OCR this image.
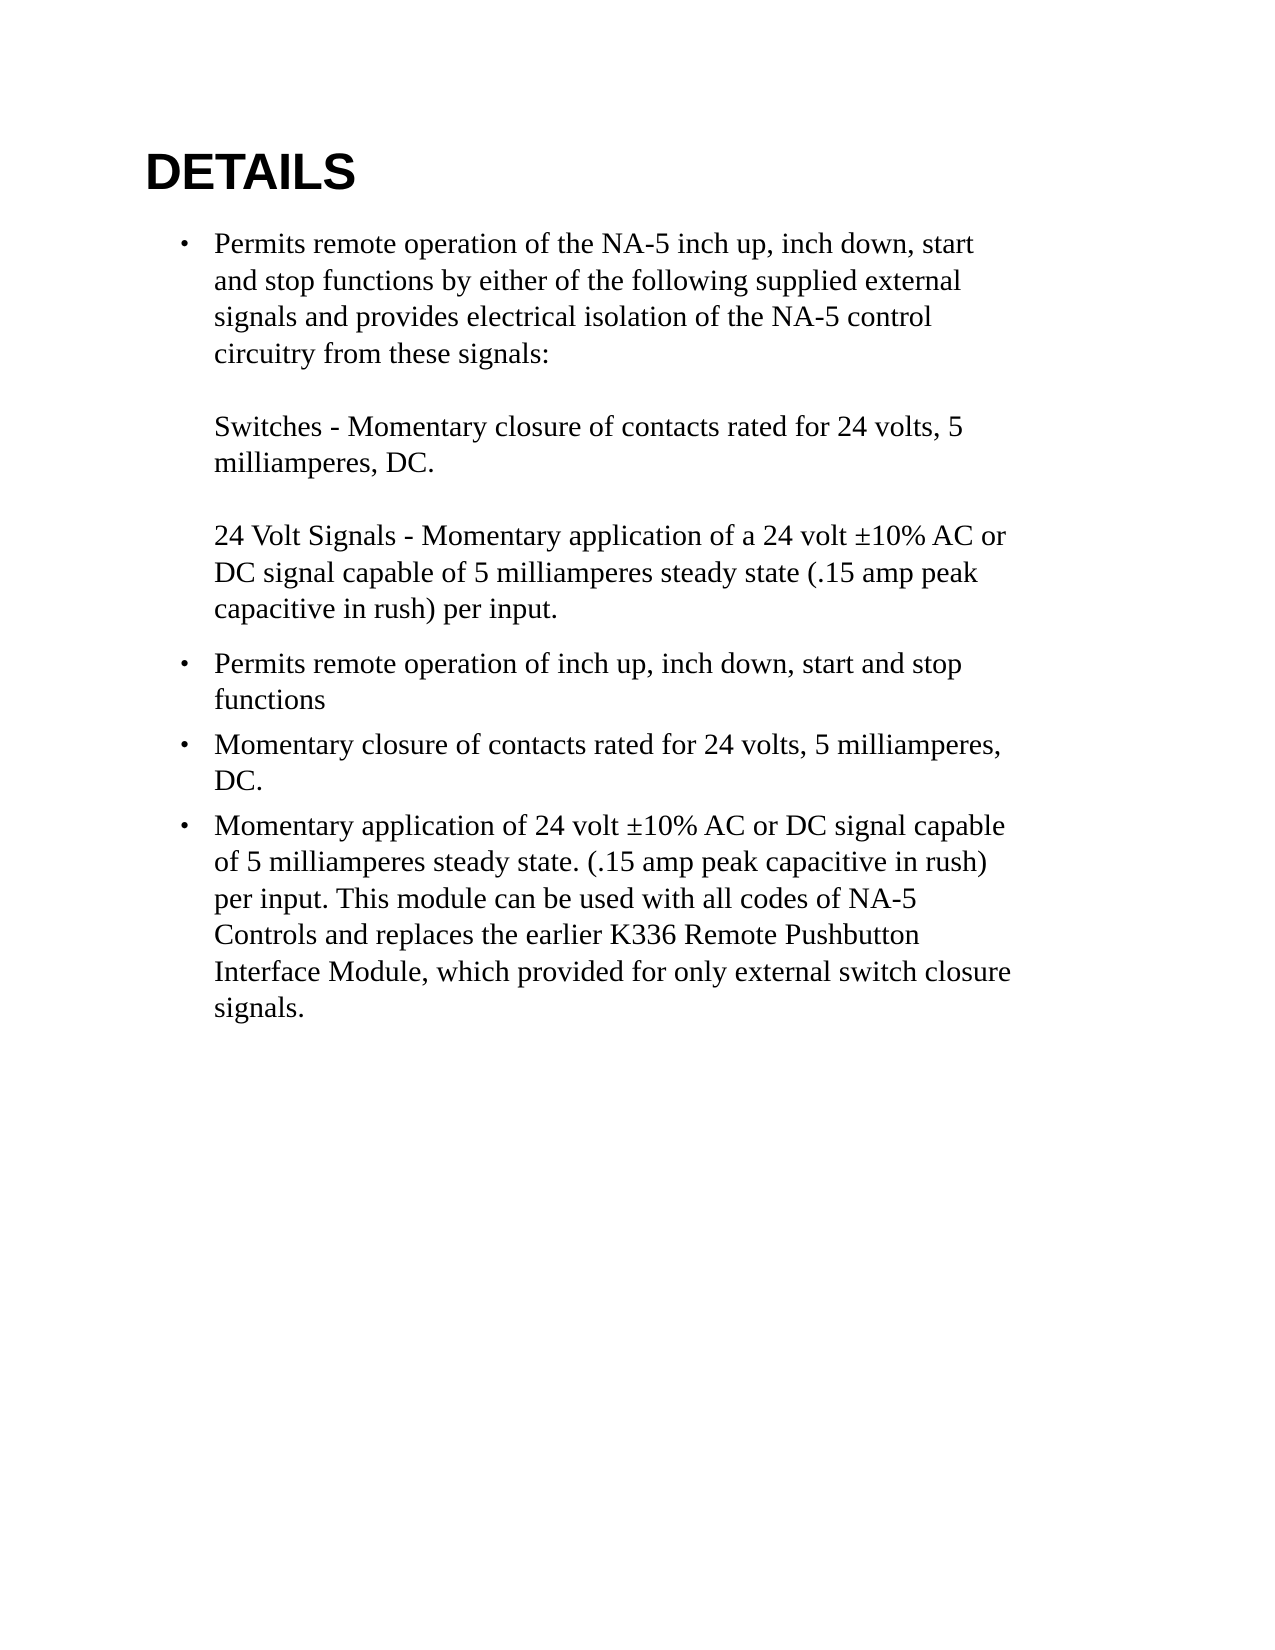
DETAILS
• Permits remote operation of the NA-5 inch up, inch down, start
and stop functions by either of the following supplied external
signals and provides electrical isolation of the NA-5 control
circuitry from these signals:
Switches - Momentary closure of contacts rated for 24 volts, 5
milliamperes, DC.
24 Volt Signals - Momentary application of a 24 volt ±10% AC or
DC signal capable of 5 milliamperes steady state (.15 amp peak
capacitive in rush) per input.
• Permits remote operation of inch up, inch down, start and stop
functions
• Momentary closure of contacts rated for 24 volts, 5 milliamperes,
DC.
• Momentary application of 24 volt ±10% AC or DC signal capable
of 5 milliamperes steady state. (.15 amp peak capacitive in rush)
per input. This module can be used with all codes of NA-5
Controls and replaces the earlier K336 Remote Pushbutton
Interface Module, which provided for only external switch closure
signals.
